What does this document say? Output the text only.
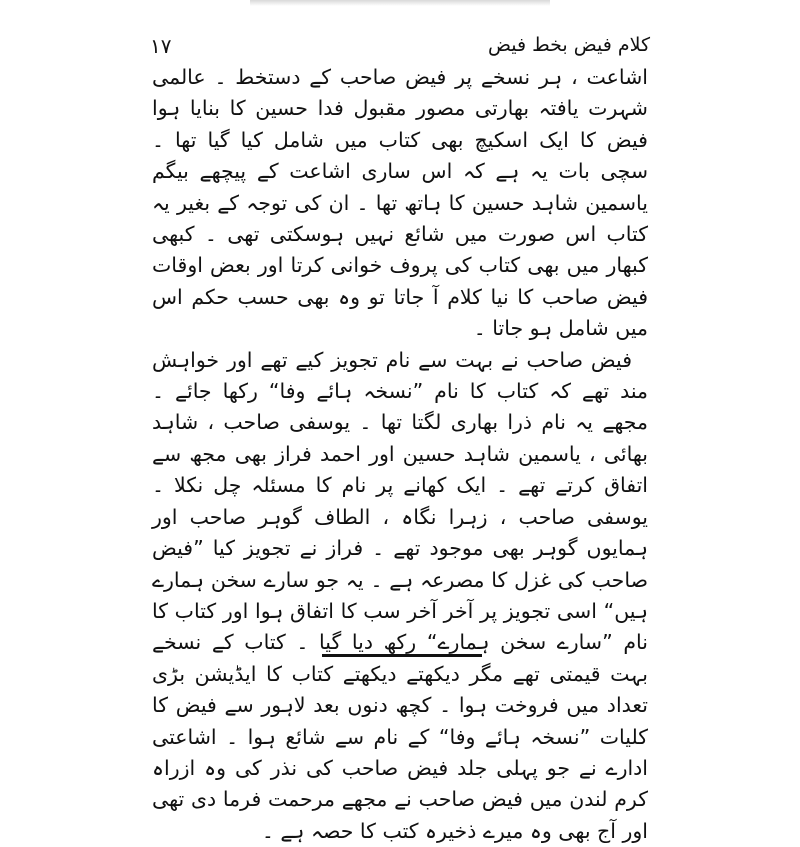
١٧	کلام فیض بخط فیض

اشاعت ، ہر نسخے پر فیض صاحب کے دستخط ۔ عالمی شہرت یافتہ بھارتی مصور مقبول فدا حسین کا بنایا ہوا فیض کا ایک اسکیچ بھی کتاب میں شامل کیا گیا تھا ۔ سچی بات یہ ہے کہ اس ساری اشاعت کے پیچھے بیگم یاسمین شاہد حسین کا ہاتھ تھا ۔ ان کی توجہ کے بغیر یہ کتاب اس صورت میں شائع نہیں ہوسکتی تھی ۔ کبھی کبھار میں بھی کتاب کی پروف خوانی کرتا اور بعض اوقات فیض صاحب کا نیا کلام آ جاتا تو وہ بھی حسب حکم اس میں شامل ہو جاتا ۔

فیض صاحب نے بہت سے نام تجویز کیے تھے اور خواہش مند تھے کہ کتاب کا نام ”نسخہ ہائے وفا“ رکھا جائے ۔ مجھے یہ نام ذرا بھاری لگتا تھا ۔ یوسفی صاحب ، شاہد بھائی ، یاسمین شاہد حسین اور احمد فراز بھی مجھ سے اتفاق کرتے تھے ۔ ایک کھانے پر نام کا مسئلہ چل نکلا ۔ یوسفی صاحب ، زہرا نگاہ ، الطاف گوہر صاحب اور ہمایوں گوہر بھی موجود تھے ۔ فراز نے تجویز کیا ”فیض صاحب کی غزل کا مصرعہ ہے ۔ یہ جو سارے سخن ہمارے ہیں“ اسی تجویز پر آخر آخر سب کا اتفاق ہوا اور کتاب کا نام ”سارے سخن ہمارے“ رکھ دیا گیا ۔ کتاب کے نسخے بہت قیمتی تھے مگر دیکھتے دیکھتے کتاب کا ایڈیشن بڑی تعداد میں فروخت ہوا ۔ کچھ دنوں بعد لاہور سے فیض کا کلیات ”نسخہ ہائے وفا“ کے نام سے شائع ہوا ۔ اشاعتی ادارے نے جو پہلی جلد فیض صاحب کی نذر کی وہ ازراہ کرم لندن میں فیض صاحب نے مجھے مرحمت فرما دی تھی اور آج بھی وہ میرے ذخیرہ کتب کا حصہ ہے ۔
